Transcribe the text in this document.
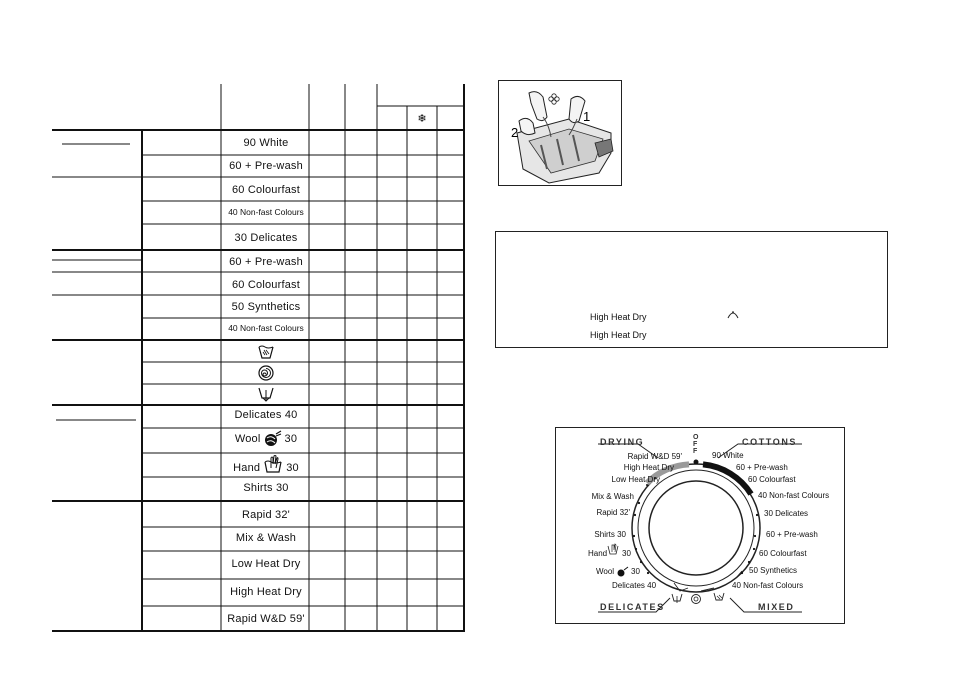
❄
90 White
60 + Pre-wash
60 Colourfast
40 Non-fast Colours
30 Delicates
60 + Pre-wash
60 Colourfast
50 Synthetics
40 Non-fast Colours
Delicates 40
Wool 30
Hand 30
Shirts 30
Rapid 32'
Mix & Wash
Low Heat Dry
High Heat Dry
Rapid W&D 59'
1
2
High Heat Dry
High Heat Dry
DRYING	COTTONS
DELICATES	MIXED
OFF
Rapid W&D 59'
High Heat Dry
Low Heat Dry
Mix & Wash
Rapid 32'
Shirts 30
Hand 30
Wool 30
Delicates 40
90 White
60 + Pre-wash
60 Colourfast
40 Non-fast Colours
30 Delicates
60 + Pre-wash
60 Colourfast
50 Synthetics
40 Non-fast Colours
